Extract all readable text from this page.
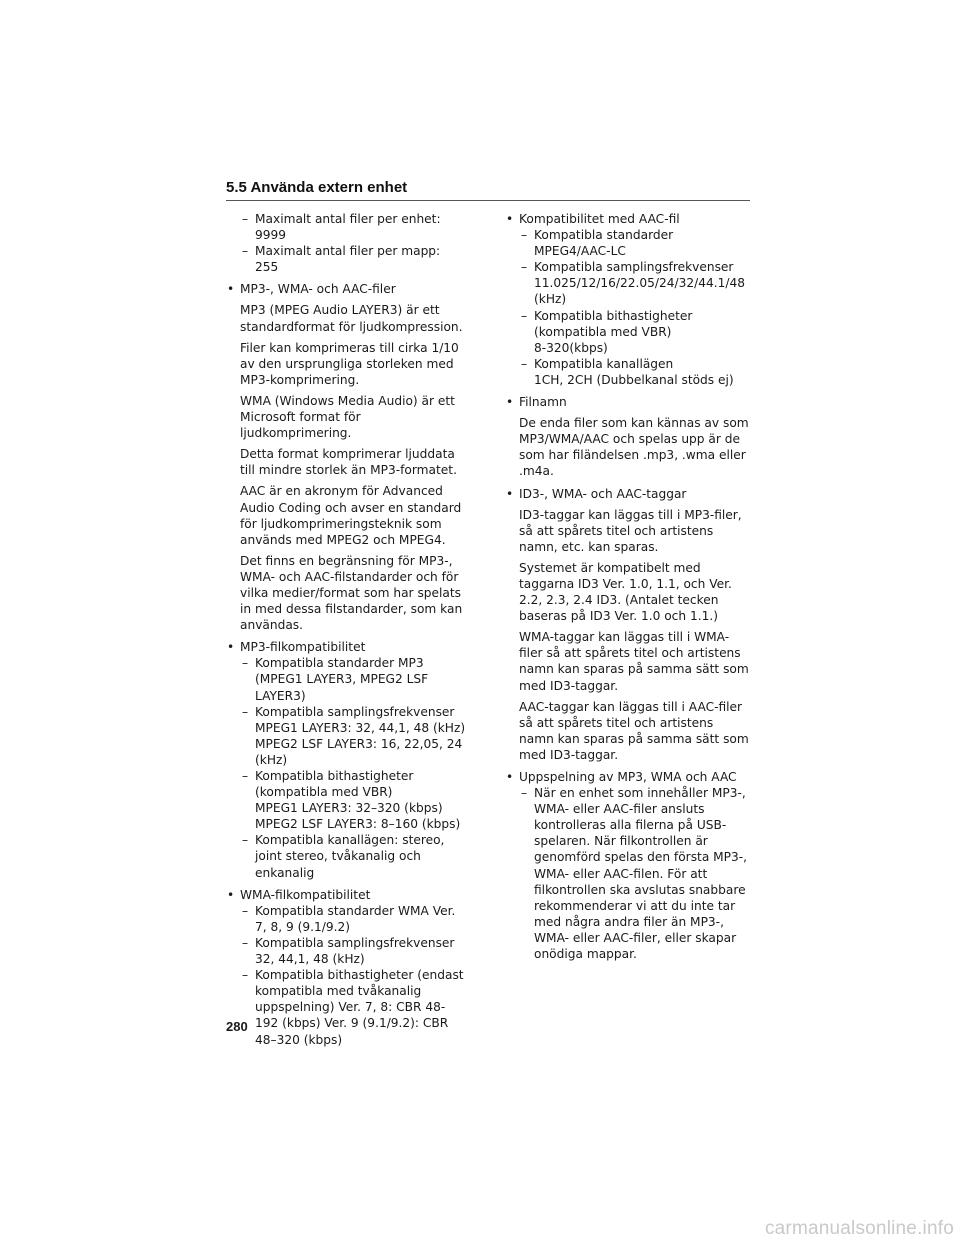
5.5 Använda extern enhet
– Maximalt antal filer per enhet: 9999
– Maximalt antal filer per mapp: 255
• MP3-, WMA- och AAC-filer
MP3 (MPEG Audio LAYER3) är ett standardformat för ljudkompression.
Filer kan komprimeras till cirka 1/10 av den ursprungliga storleken med MP3-komprimering.
WMA (Windows Media Audio) är ett Microsoft format för ljudkomprimering.
Detta format komprimerar ljuddata till mindre storlek än MP3-formatet.
AAC är en akronym för Advanced Audio Coding och avser en standard för ljudkomprimeringsteknik som används med MPEG2 och MPEG4.
Det finns en begränsning för MP3-, WMA- och AAC-filstandarder och för vilka medier/format som har spelats in med dessa filstandarder, som kan användas.
• MP3-filkompatibilitet
– Kompatibla standarder MP3 (MPEG1 LAYER3, MPEG2 LSF LAYER3)
– Kompatibla samplingsfrekvenser
MPEG1 LAYER3: 32, 44,1, 48 (kHz)
MPEG2 LSF LAYER3: 16, 22,05, 24 (kHz)
– Kompatibla bithastigheter (kompatibla med VBR)
MPEG1 LAYER3: 32–320 (kbps)
MPEG2 LSF LAYER3: 8–160 (kbps)
– Kompatibla kanallägen: stereo, joint stereo, tvåkanalig och enkanalig
• WMA-filkompatibilitet
– Kompatibla standarder WMA Ver. 7, 8, 9 (9.1/9.2)
– Kompatibla samplingsfrekvenser 32, 44,1, 48 (kHz)
– Kompatibla bithastigheter (endast kompatibla med tvåkanalig uppspelning) Ver. 7, 8: CBR 48-192 (kbps) Ver. 9 (9.1/9.2): CBR 48–320 (kbps)
• Kompatibilitet med AAC-fil
– Kompatibla standarder
MPEG4/AAC-LC
– Kompatibla samplingsfrekvenser
11.025/12/16/22.05/24/32/44.1/48(kHz)
– Kompatibla bithastigheter (kompatibla med VBR)
8-320(kbps)
– Kompatibla kanallägen
1CH, 2CH (Dubbelkanal stöds ej)
• Filnamn
De enda filer som kan kännas av som MP3/WMA/AAC och spelas upp är de som har filändelsen .mp3, .wma eller .m4a.
• ID3-, WMA- och AAC-taggar
ID3-taggar kan läggas till i MP3-filer, så att spårets titel och artistens namn, etc. kan sparas.
Systemet är kompatibelt med taggarna ID3 Ver. 1.0, 1.1, och Ver. 2.2, 2.3, 2.4 ID3. (Antalet tecken baseras på ID3 Ver. 1.0 och 1.1.)
WMA-taggar kan läggas till i WMA-filer så att spårets titel och artistens namn kan sparas på samma sätt som med ID3-taggar.
AAC-taggar kan läggas till i AAC-filer så att spårets titel och artistens namn kan sparas på samma sätt som med ID3-taggar.
• Uppspelning av MP3, WMA och AAC
– När en enhet som innehåller MP3-, WMA- eller AAC-filer ansluts kontrolleras alla filerna på USB-spelaren. När filkontrollen är genomförd spelas den första MP3-, WMA- eller AAC-filen. För att filkontrollen ska avslutas snabbare rekommenderar vi att du inte tar med några andra filer än MP3-, WMA- eller AAC-filer, eller skapar onödiga mappar.
280
carmanualsonline.info
